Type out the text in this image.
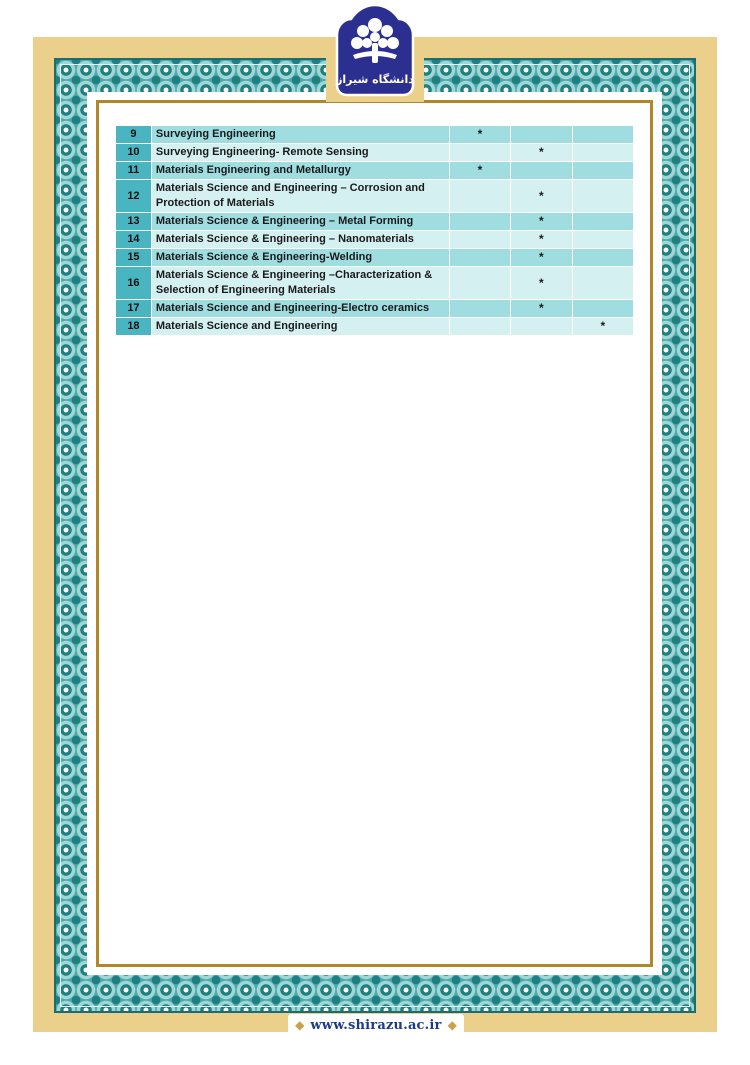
دانشگاه شیراز
9	Surveying Engineering	*		
10	Surveying Engineering- Remote Sensing		*	
11	Materials Engineering and Metallurgy	*		
12	Materials Science and Engineering – Corrosion and Protection of Materials		*	
13	Materials Science & Engineering – Metal Forming		*	
14	Materials Science & Engineering – Nanomaterials		*	
15	Materials Science & Engineering-Welding		*	
16	Materials Science & Engineering –Characterization & Selection of Engineering Materials		*	
17	Materials Science and Engineering-Electro ceramics		*	
18	Materials Science and Engineering			*
◆ www.shirazu.ac.ir ◆
